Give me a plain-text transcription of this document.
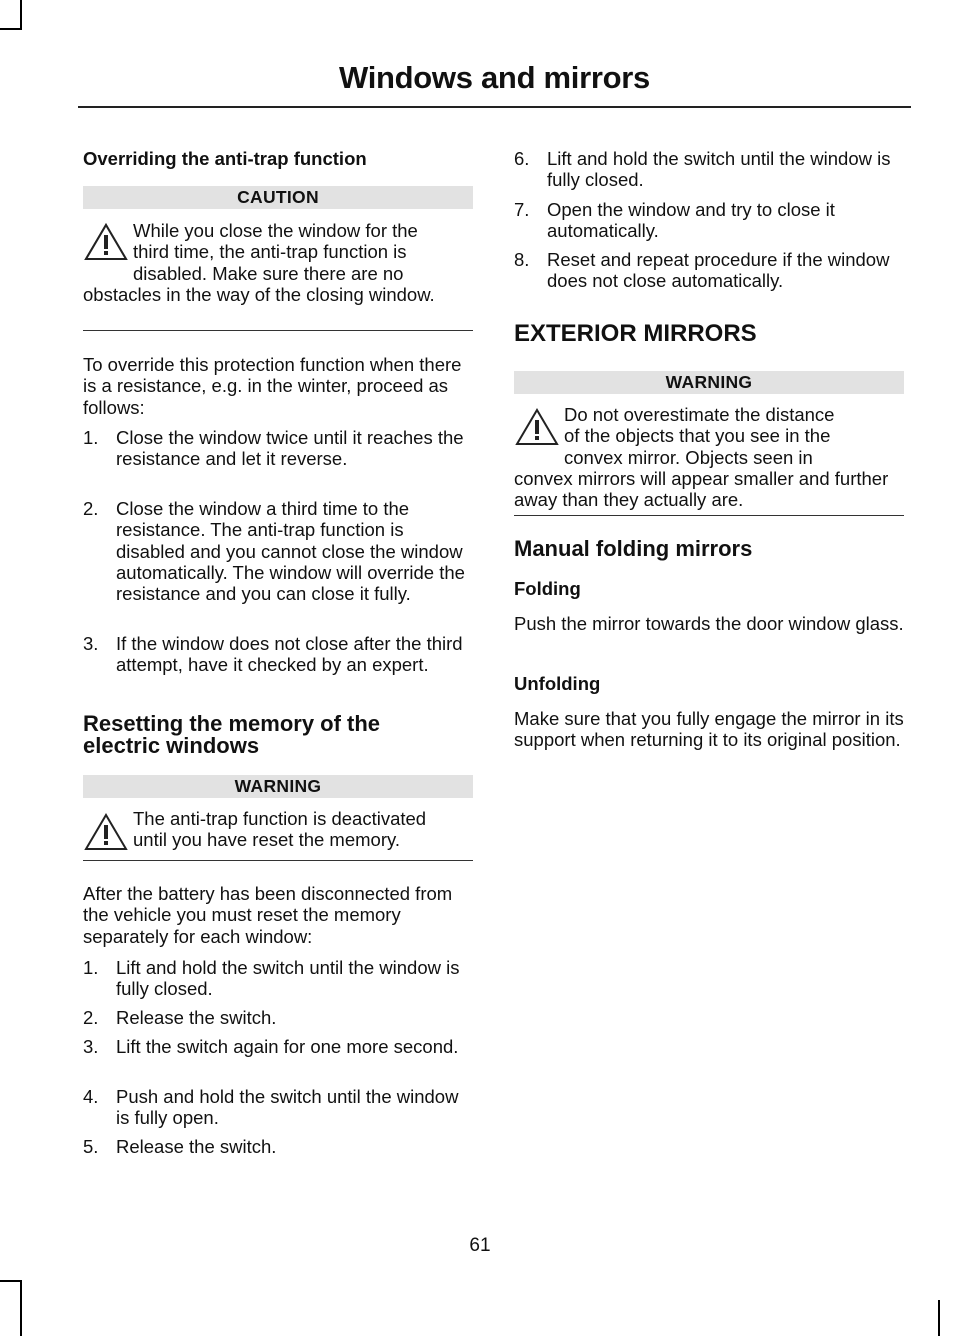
Windows and mirrors
Overriding the anti-trap function
CAUTION
While you close the window for the
third time, the anti-trap function is
disabled. Make sure there are no
obstacles in the way of the closing window.
To override this protection function when there is a resistance, e.g. in the winter, proceed as follows:
1. Close the window twice until it reaches the resistance and let it reverse.
2. Close the window a third time to the resistance. The anti-trap function is disabled and you cannot close the window automatically. The window will override the resistance and you can close it fully.
3. If the window does not close after the third attempt, have it checked by an expert.
Resetting the memory of the
electric windows
WARNING
The anti-trap function is deactivated
until you have reset the memory.
After the battery has been disconnected from the vehicle you must reset the memory separately for each window:
1. Lift and hold the switch until the window is fully closed.
2. Release the switch.
3. Lift the switch again for one more second.
4. Push and hold the switch until the window is fully open.
5. Release the switch.
6. Lift and hold the switch until the window is fully closed.
7. Open the window and try to close it automatically.
8. Reset and repeat procedure if the window does not close automatically.
EXTERIOR MIRRORS
WARNING
Do not overestimate the distance
of the objects that you see in the
convex mirror. Objects seen in
convex mirrors will appear smaller and further away than they actually are.
Manual folding mirrors
Folding
Push the mirror towards the door window glass.
Unfolding
Make sure that you fully engage the mirror in its support when returning it to its original position.
61
